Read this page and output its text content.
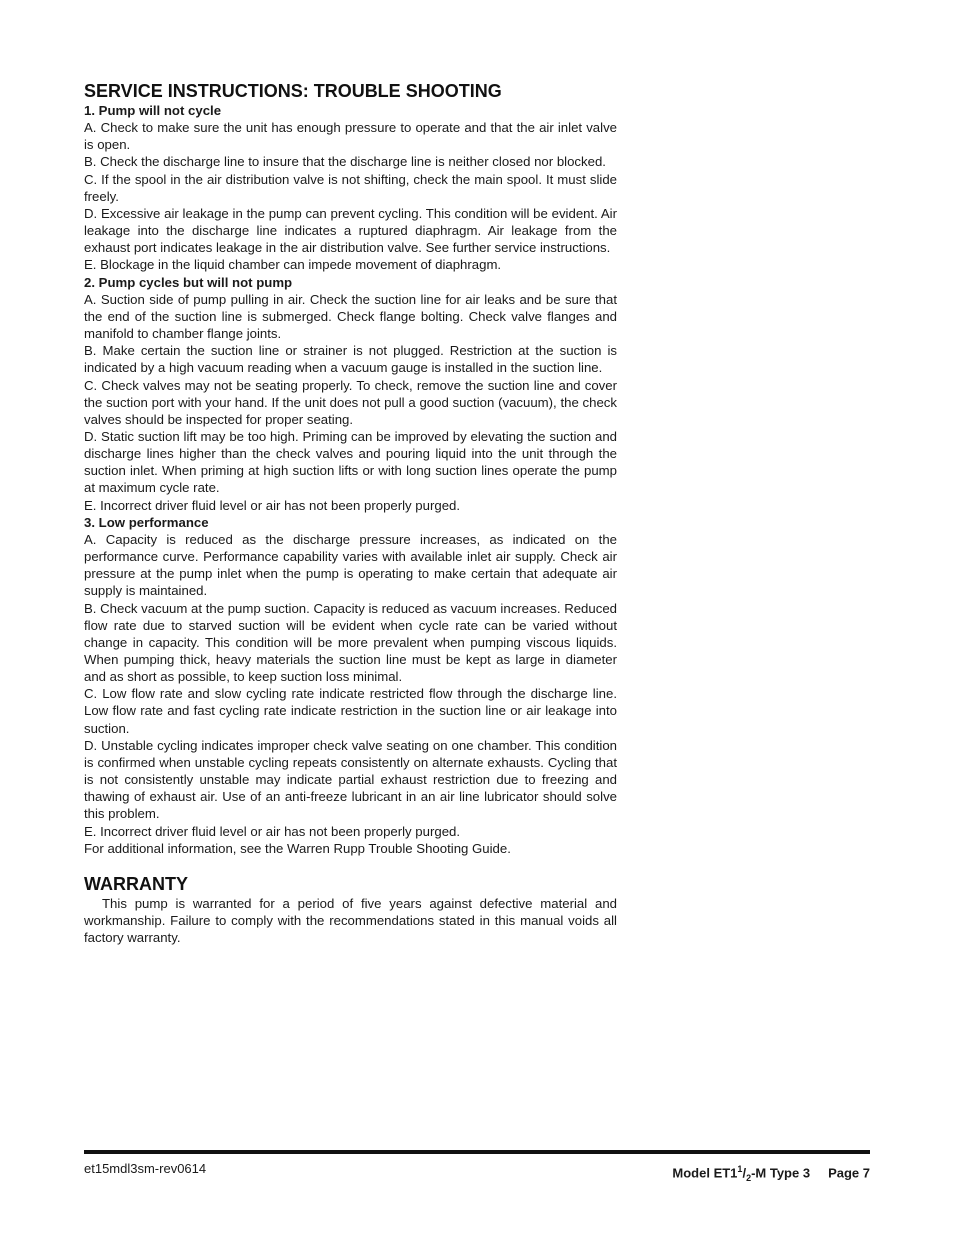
SERVICE INSTRUCTIONS: TROUBLE SHOOTING

1. Pump will not cycle

A. Check to make sure the unit has enough pressure to operate and that the air inlet valve is open.

B. Check the discharge line to insure that the discharge line is neither closed nor blocked.

C. If the spool in the air distribution valve is not shifting, check the main spool. It must slide freely.

D. Excessive air leakage in the pump can prevent cycling. This condition will be evident. Air leakage into the discharge line indicates a ruptured diaphragm. Air leakage from the exhaust port indicates leakage in the air distribution valve. See further service instructions.

E. Blockage in the liquid chamber can impede movement of diaphragm.

2. Pump cycles but will not pump

A. Suction side of pump pulling in air. Check the suction line for air leaks and be sure that the end of the suction line is submerged. Check flange bolting. Check valve flanges and manifold to chamber flange joints.

B. Make certain the suction line or strainer is not plugged. Restriction at the suction is indicated by a high vacuum reading when a vacuum gauge is installed in the suction line.

C. Check valves may not be seating properly. To check, remove the suction line and cover the suction port with your hand. If the unit does not pull a good suction (vacuum), the check valves should be inspected for proper seating.

D. Static suction lift may be too high. Priming can be improved by elevating the suction and discharge lines higher than the check valves and pouring liquid into the unit through the suction inlet. When priming at high suction lifts or with long suction lines operate the pump at maximum cycle rate.

E. Incorrect driver fluid level or air has not been properly purged.

3. Low performance

A. Capacity is reduced as the discharge pressure increases, as indicated on the performance curve. Performance capability varies with available inlet air supply. Check air pressure at the pump inlet when the pump is operating to make certain that adequate air supply is maintained.

B. Check vacuum at the pump suction. Capacity is reduced as vacuum increases. Reduced flow rate due to starved suction will be evident when cycle rate can be varied without change in capacity. This condition will be more prevalent when pumping viscous liquids. When pumping thick, heavy materials the suction line must be kept as large in diameter and as short as possible, to keep suction loss minimal.

C. Low flow rate and slow cycling rate indicate restricted flow through the discharge line. Low flow rate and fast cycling rate indicate restriction in the suction line or air leakage into suction.

D. Unstable cycling indicates improper check valve seating on one chamber. This condition is confirmed when unstable cycling repeats consistently on alternate exhausts. Cycling that is not consistently unstable may indicate partial exhaust restriction due to freezing and thawing of exhaust air. Use of an anti-freeze lubricant in an air line lubricator should solve this problem.

E. Incorrect driver fluid level or air has not been properly purged.

For additional information, see the Warren Rupp Trouble Shooting Guide.

WARRANTY

This pump is warranted for a period of five years against defective material and workmanship. Failure to comply with the recommendations stated in this manual voids all factory warranty.

et15mdl3sm-rev0614	Model $ET1^1/_2-M$ Type 3 Page 7
